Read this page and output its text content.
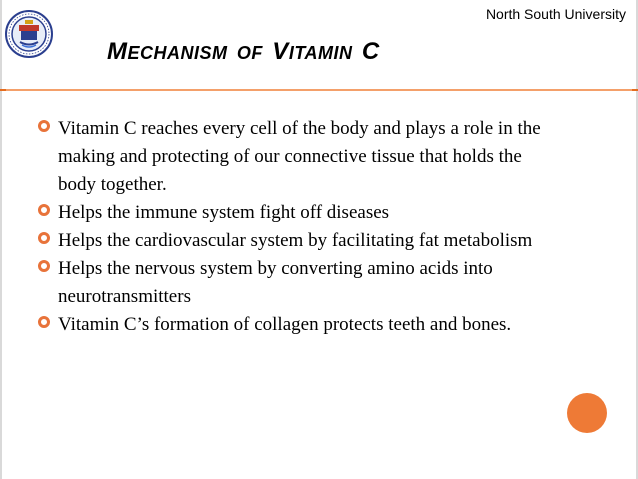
North South University
MECHANISM OF VITAMIN C
Vitamin C reaches every cell of the body and plays a role in the making and protecting of our connective tissue that holds the body together.
Helps the immune system fight off diseases
Helps the cardiovascular system by facilitating fat metabolism
Helps the nervous system by converting amino acids into neurotransmitters
Vitamin C’s formation of collagen protects teeth and bones.
